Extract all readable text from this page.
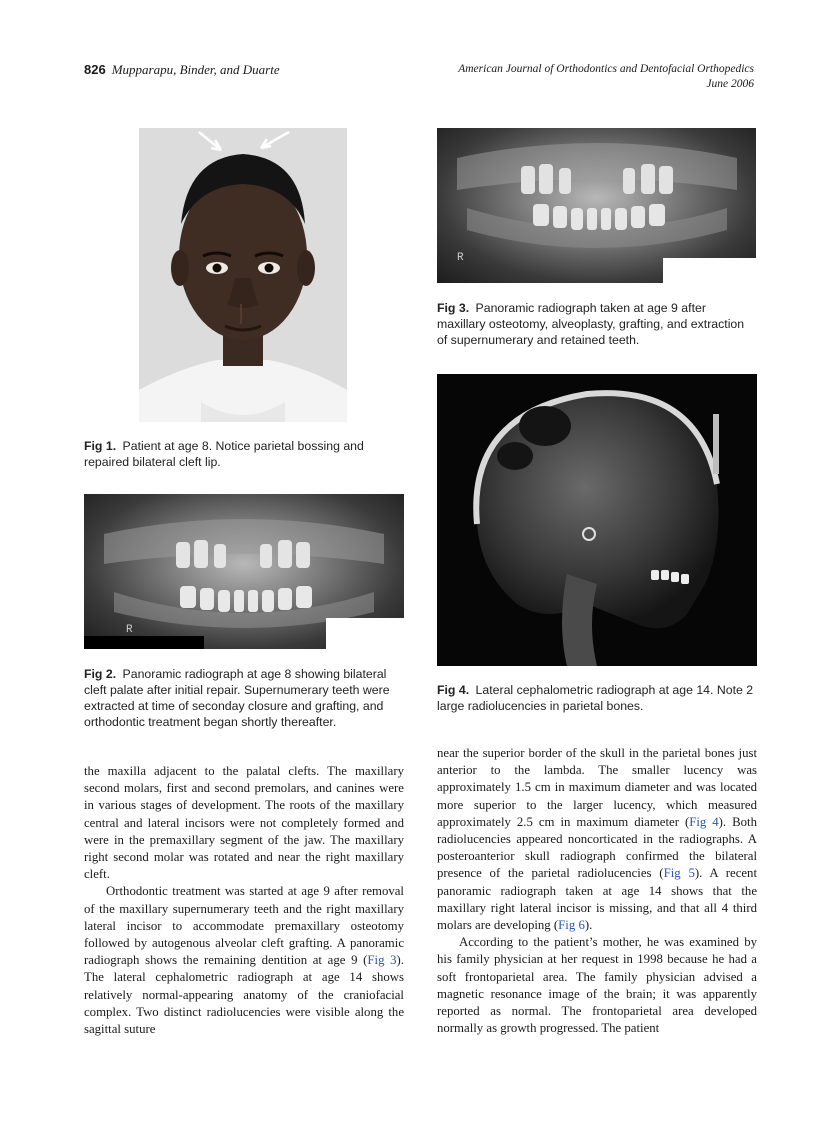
826 Mupparapu, Binder, and Duarte	American Journal of Orthodontics and Dentofacial Orthopedics
June 2006
Fig 1. Patient at age 8. Notice parietal bossing and repaired bilateral cleft lip.
R
Fig 2. Panoramic radiograph at age 8 showing bilateral cleft palate after initial repair. Supernumerary teeth were extracted at time of seconday closure and grafting, and orthodontic treatment began shortly thereafter.
R
Fig 3. Panoramic radiograph taken at age 9 after maxillary osteotomy, alveoplasty, grafting, and extraction of supernumerary and retained teeth.
Fig 4. Lateral cephalometric radiograph at age 14. Note 2 large radiolucencies in parietal bones.

the maxilla adjacent to the palatal clefts. The maxillary second molars, first and second premolars, and canines were in various stages of development. The roots of the maxillary central and lateral incisors were not completely formed and were in the premaxillary segment of the jaw. The maxillary right second molar was rotated and near the right maxillary cleft.

Orthodontic treatment was started at age 9 after removal of the maxillary supernumerary teeth and the right maxillary lateral incisor to accommodate premaxillary osteotomy followed by autogenous alveolar cleft grafting. A panoramic radiograph shows the remaining dentition at age 9 (Fig 3). The lateral cephalometric radiograph at age 14 shows relatively normal-appearing anatomy of the craniofacial complex. Two distinct radiolucencies were visible along the sagittal suture

near the superior border of the skull in the parietal bones just anterior to the lambda. The smaller lucency was approximately 1.5 cm in maximum diameter and was located more superior to the larger lucency, which measured approximately 2.5 cm in maximum diameter (Fig 4). Both radiolucencies appeared noncorticated in the radiographs. A posteroanterior skull radiograph confirmed the bilateral presence of the parietal radiolucencies (Fig 5). A recent panoramic radiograph taken at age 14 shows that the maxillary right lateral incisor is missing, and that all 4 third molars are developing (Fig 6).

According to the patient’s mother, he was examined by his family physician at her request in 1998 because he had a soft frontoparietal area. The family physician advised a magnetic resonance image of the brain; it was apparently reported as normal. The frontoparietal area developed normally as growth progressed. The patient
